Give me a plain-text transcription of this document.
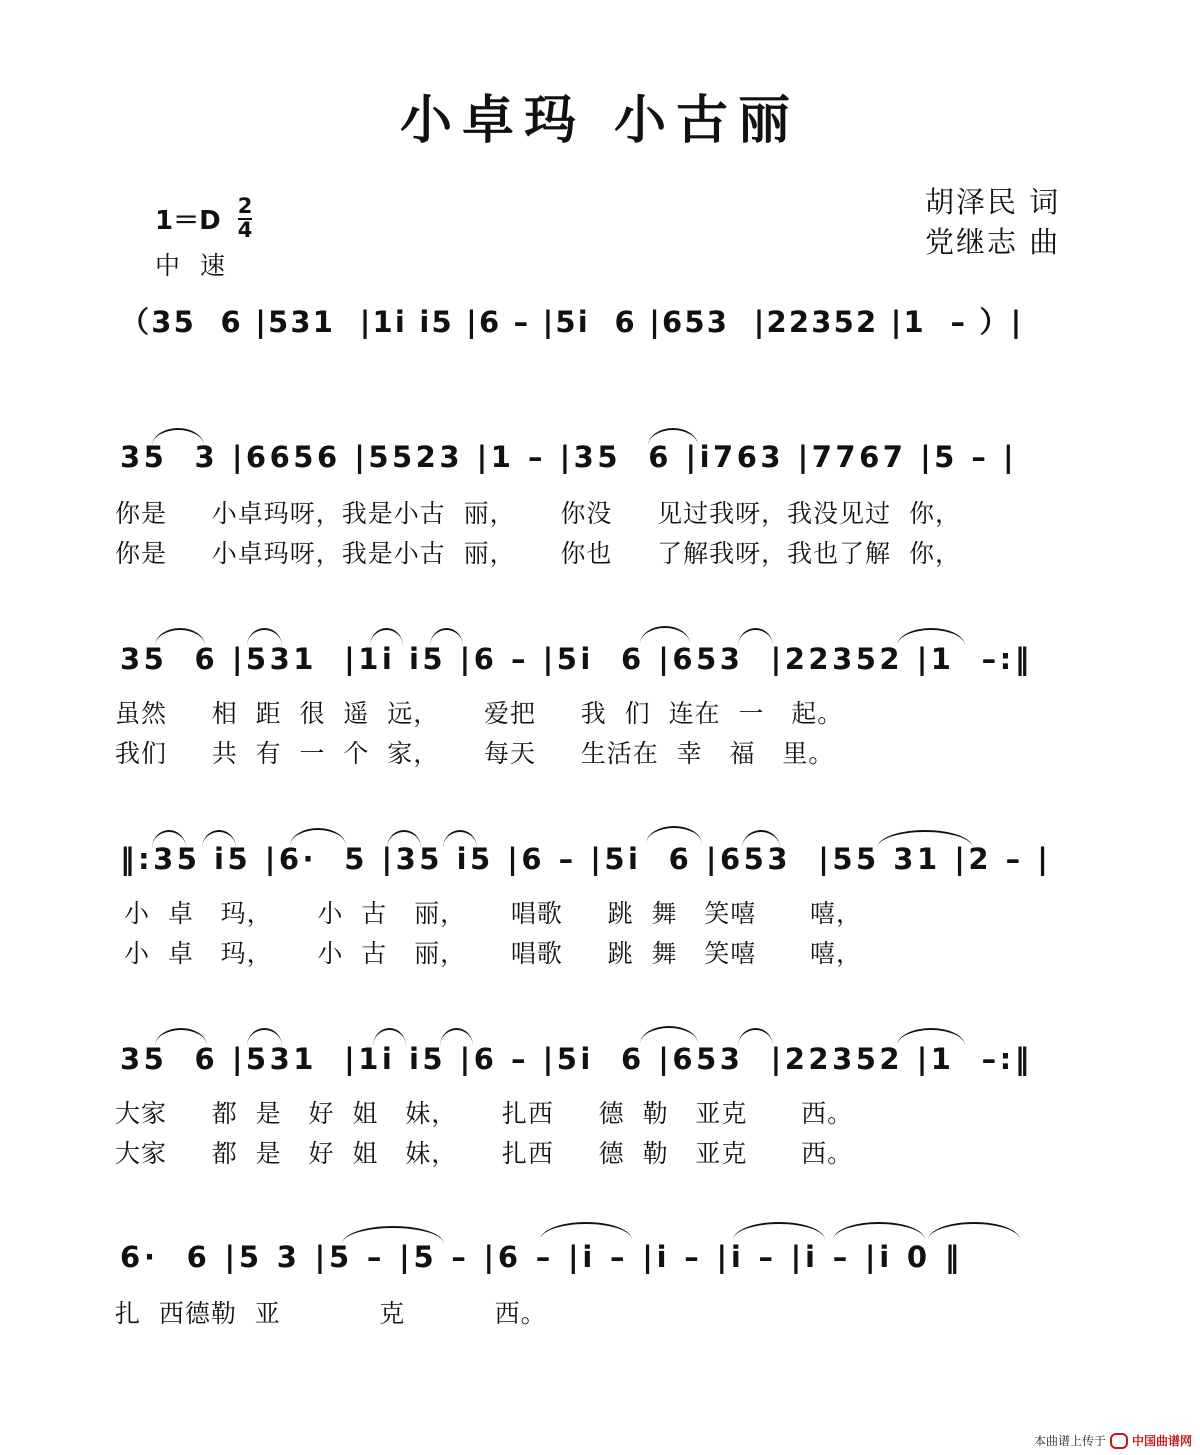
小卓玛 小古丽
$1=D \frac{2}{4}$
中 速
胡泽民 词
党继志 曲
（35  6 |531  |1i i5 |6 – |5i  6 |653  |22352 |1  – ）|
35  3 |6656 |5523 |1 – |35  6 |i763 |7767 |5 – |
你是     小卓玛呀，我是小古  丽，     你没     见过我呀，我没见过  你，
你是     小卓玛呀，我是小古  丽，     你也     了解我呀，我也了解  你，
35  6 |531  |1i i5 |6 – |5i  6 |653  |22352 |1  –:‖
虽然     相  距  很  遥  远，     爱把     我  们  连在  一   起。
我们     共  有  一  个  家，     每天     生活在  幸   福   里。
‖:35 i5 |6·  5 |35 i5 |6 – |5i  6 |653  |55 31 |2 – |
小  卓   玛，     小  古   丽，     唱歌     跳  舞   笑嘻      嘻，
小  卓   玛，     小  古   丽，     唱歌     跳  舞   笑嘻      嘻，
35  6 |531  |1i i5 |6 – |5i  6 |653  |22352 |1  –:‖
大家     都  是   好  姐   妹，     扎西     德  勒   亚克      西。
大家     都  是   好  姐   妹，     扎西     德  勒   亚克      西。
6·  6 |5 3 |5 – |5 – |6 – |i – |i – |i – |i – |i 0 ‖
扎  西德勒  亚           克          西。
本曲谱上传于 中国曲谱网
